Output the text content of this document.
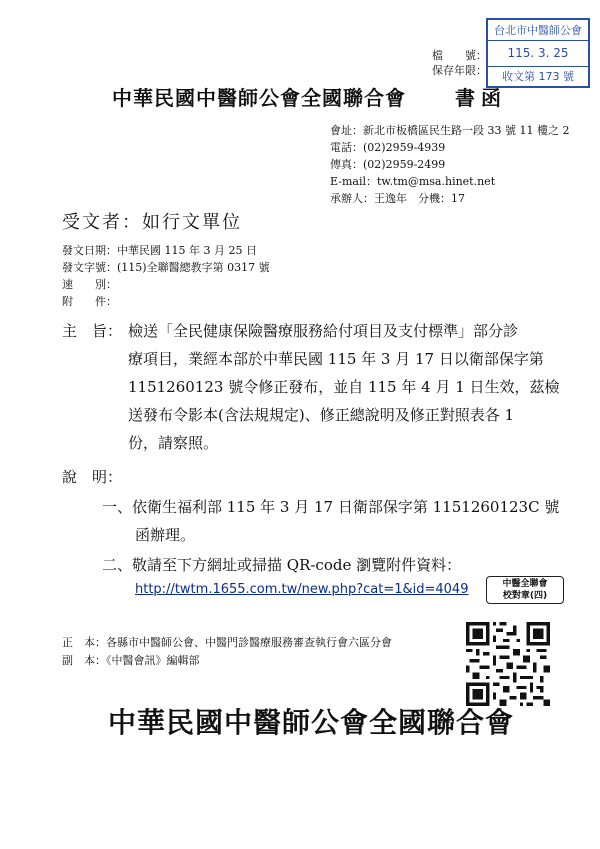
檔　　號：
保存年限：
台北市中醫師公會
115. 3. 25
收文第 173 號
中華民國中醫師公會全國聯合會 書函
會址：新北市板橋區民生路一段 33 號 11 樓之 2
電話：(02)2959-4939
傳真：(02)2959-2499
E-mail：tw.tm@msa.hinet.net
承辦人：王逸年　分機：17
受文者：如行文單位
發文日期：中華民國 115 年 3 月 25 日
發文字號：(115)全聯醫總教字第 0317 號
速　　別：
附　　件：
主　旨： 檢送「全民健康保險醫療服務給付項目及支付標準」部分診
療項目，業經本部於中華民國 115 年 3 月 17 日以衛部保字第
1151260123 號令修正發布，並自 115 年 4 月 1 日生效，茲檢
送發布令影本(含法規規定)、修正總說明及修正對照表各 1
份，請察照。
說　明：
一、依衛生福利部 115 年 3 月 17 日衛部保字第 1151260123C 號
函辦理。
二、敬請至下方網址或掃描 QR-code 瀏覽附件資料：
http://twtm.1655.com.tw/new.php?cat=1&id=4049	中醫全聯會
校對章(四)
正　本：各縣市中醫師公會、中醫門診醫療服務審查執行會六區分會
副　本：《中醫會訊》編輯部
中華民國中醫師公會全國聯合會
